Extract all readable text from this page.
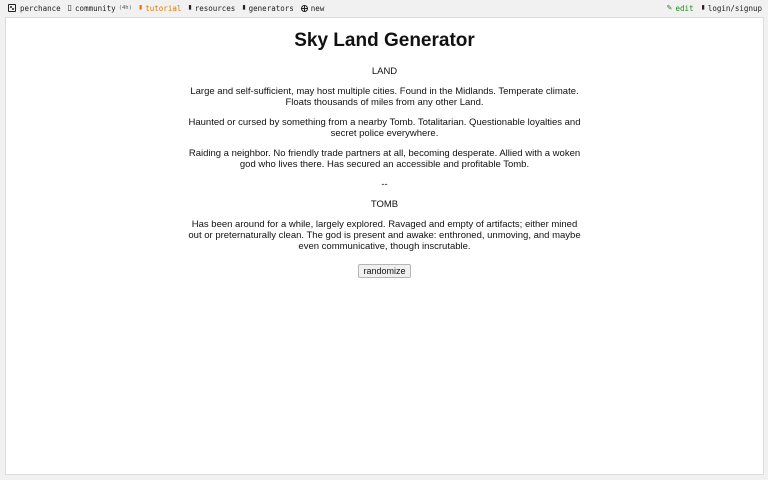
perchance ▯ community (4h) ▮ tutorial ▮ resources ▮ generators new	✎ edit ▮ login/signup
Sky Land Generator

LAND

Large and self-sufficient, may host multiple cities. Found in the Midlands. Temperate climate. Floats thousands of miles from any other Land.

Haunted or cursed by something from a nearby Tomb. Totalitarian. Questionable loyalties and secret police everywhere.

Raiding a neighbor. No friendly trade partners at all, becoming desperate. Allied with a woken god who lives there. Has secured an accessible and profitable Tomb.

--

TOMB

Has been around for a while, largely explored. Ravaged and empty of artifacts; either mined out or preternaturally clean. The god is present and awake: enthroned, unmoving, and maybe even communicative, though inscrutable.

randomize
